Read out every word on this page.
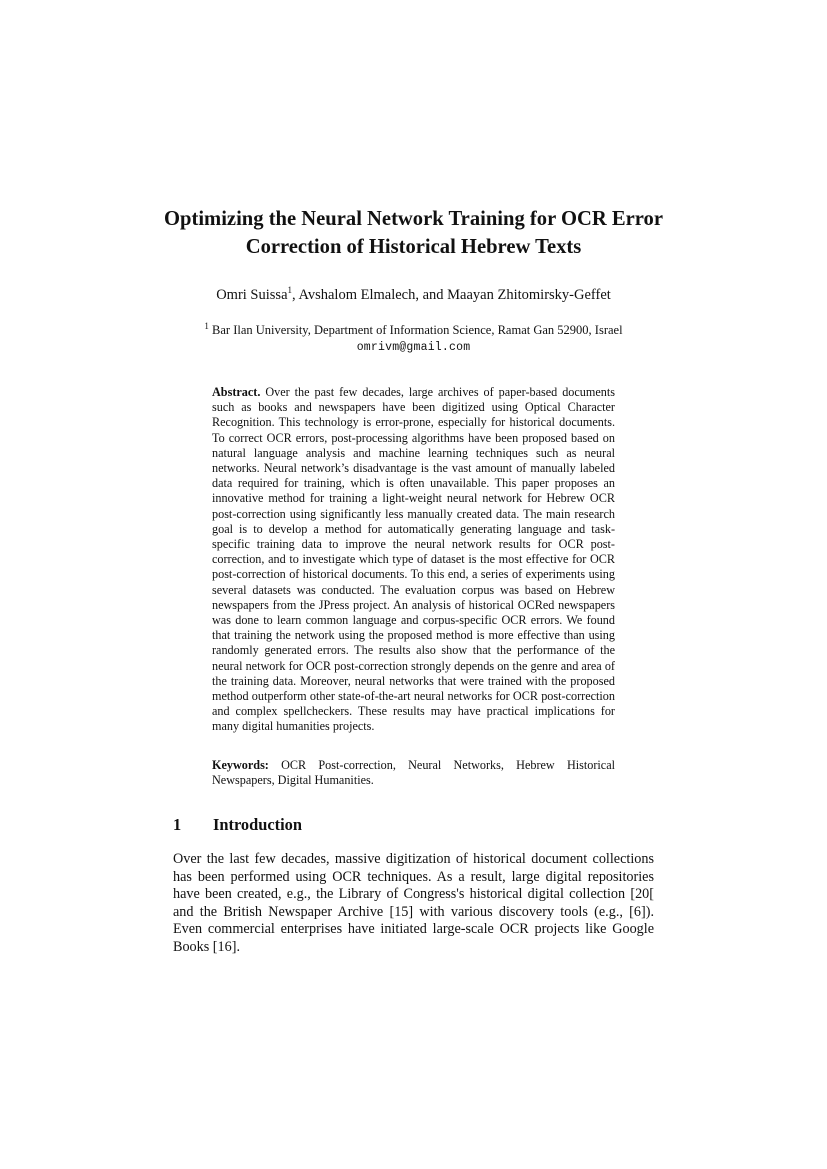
Optimizing the Neural Network Training for OCR Error
Correction of Historical Hebrew Texts
Omri Suissa$^1$, Avshalom Elmalech, and Maayan Zhitomirsky-Geffet
$^1$ Bar Ilan University, Department of Information Science, Ramat Gan 52900, Israel
omrivm@gmail.com
Abstract. Over the past few decades, large archives of paper-based documents such as books and newspapers have been digitized using Optical Character Recognition. This technology is error-prone, especially for historical documents. To correct OCR errors, post-processing algorithms have been proposed based on natural language analysis and machine learning techniques such as neural networks. Neural network’s disadvantage is the vast amount of manually labeled data required for training, which is often unavailable. This paper proposes an innovative method for training a light-weight neural network for Hebrew OCR post-correction using significantly less manually created data. The main research goal is to develop a method for automatically generating language and task-specific training data to improve the neural network results for OCR post-correction, and to investigate which type of dataset is the most effective for OCR post-correction of historical documents. To this end, a series of experiments using several datasets was conducted. The evaluation corpus was based on Hebrew newspapers from the JPress project. An analysis of historical OCRed newspapers was done to learn common language and corpus-specific OCR errors. We found that training the network using the proposed method is more effective than using randomly generated errors. The results also show that the performance of the neural network for OCR post-correction strongly depends on the genre and area of the training data. Moreover, neural networks that were trained with the proposed method outperform other state-of-the-art neural networks for OCR post-correction and complex spellcheckers. These results may have practical implications for many digital humanities projects.
Keywords: OCR Post-correction, Neural Networks, Hebrew Historical Newspapers, Digital Humanities.
1 Introduction
Over the last few decades, massive digitization of historical document collections has been performed using OCR techniques. As a result, large digital repositories have been created, e.g., the Library of Congress's historical digital collection [20[ and the British Newspaper Archive [15] with various discovery tools (e.g., [6]). Even commercial enterprises have initiated large-scale OCR projects like Google Books [16].
